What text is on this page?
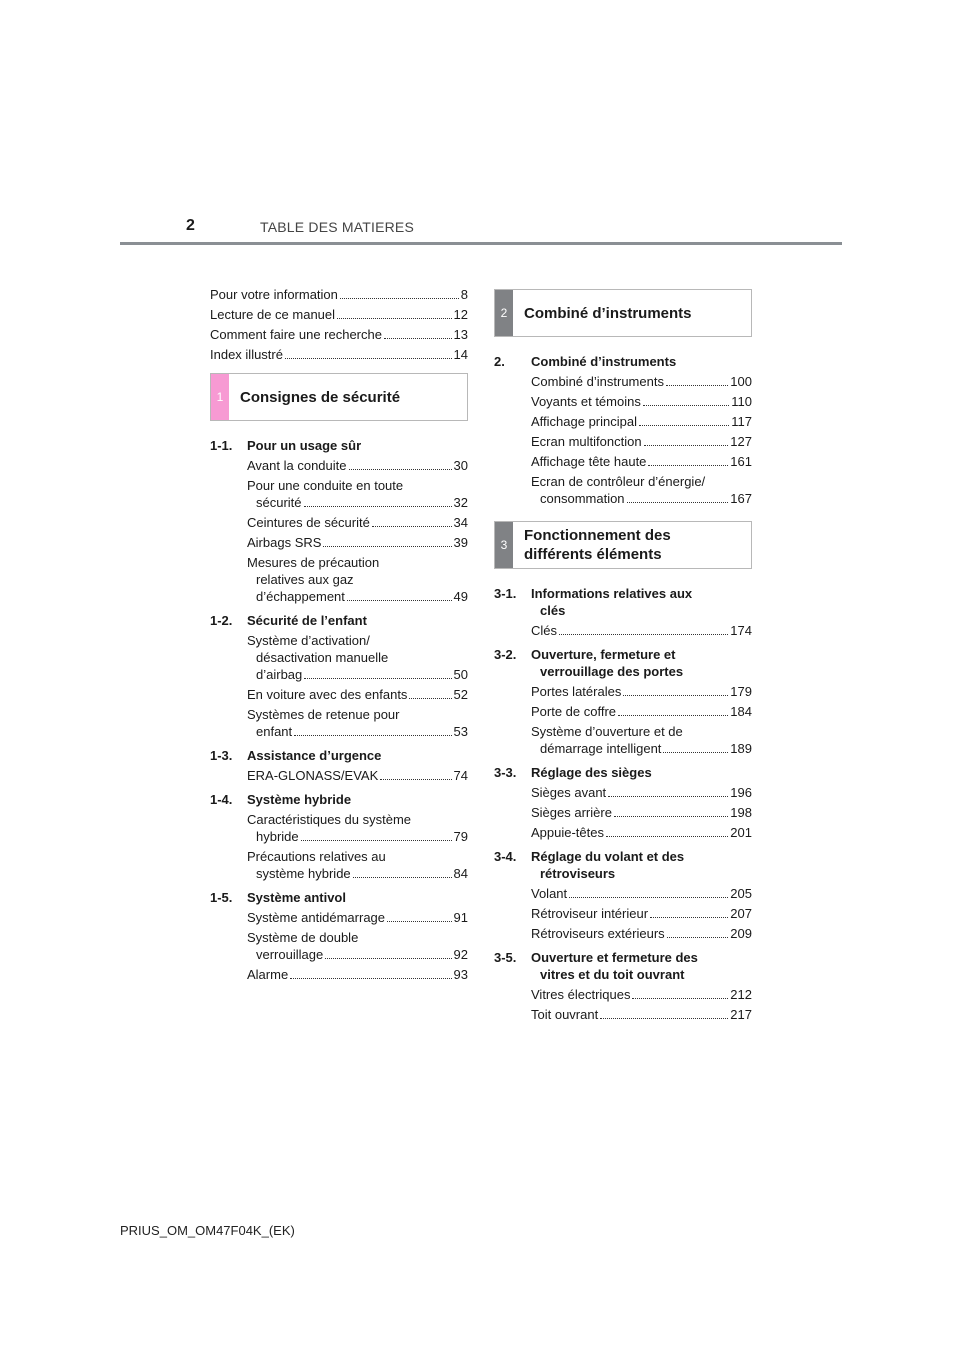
2	TABLE DES MATIERES
Pour votre information	8
Lecture de ce manuel	12
Comment faire une recherche	13
Index illustré	14
1	Consignes de sécurité
1-1.	Pour un usage sûr
Avant la conduite	30
Pour une conduite en toute
sécurité	32
Ceintures de sécurité	34
Airbags SRS	39
Mesures de précaution
relatives aux gaz
d’échappement	49
1-2.	Sécurité de l’enfant
Système d’activation/
désactivation manuelle
d’airbag	50
En voiture avec des enfants	52
Systèmes de retenue pour
enfant	53
1-3.	Assistance d’urgence
ERA-GLONASS/EVAK	74
1-4.	Système hybride
Caractéristiques du système
hybride	79
Précautions relatives au
système hybride	84
1-5.	Système antivol
Système antidémarrage	91
Système de double
verrouillage	92
Alarme	93
2	Combiné d’instruments
2.	Combiné d’instruments
Combiné d’instruments	100
Voyants et témoins	110
Affichage principal	117
Ecran multifonction	127
Affichage tête haute	161
Ecran de contrôleur d’énergie/
consommation	167
3
Fonctionnement des
différents éléments
3-1.	Informations relatives aux
clés
Clés	174
3-2.	Ouverture, fermeture et
verrouillage des portes
Portes latérales	179
Porte de coffre	184
Système d’ouverture et de
démarrage intelligent	189
3-3.	Réglage des sièges
Sièges avant	196
Sièges arrière	198
Appuie-têtes	201
3-4.	Réglage du volant et des
rétroviseurs
Volant	205
Rétroviseur intérieur	207
Rétroviseurs extérieurs	209
3-5.	Ouverture et fermeture des
vitres et du toit ouvrant
Vitres électriques	212
Toit ouvrant	217
PRIUS_OM_OM47F04K_(EK)
